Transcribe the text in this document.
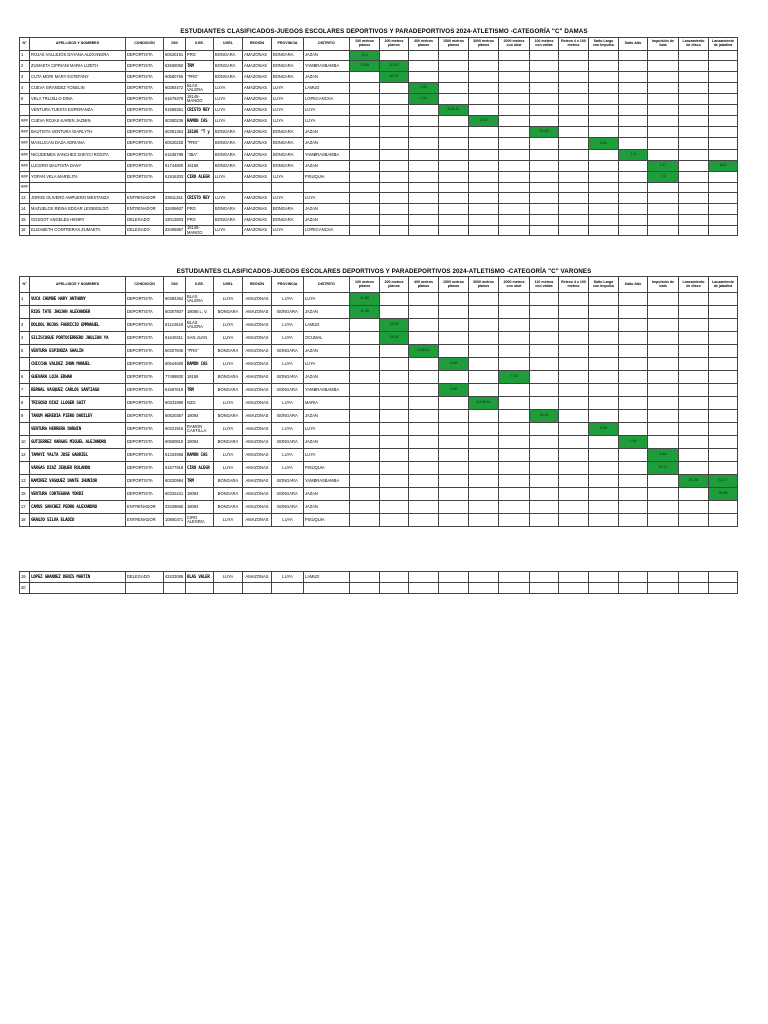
ESTUDIANTES CLASIFICADOS-JUEGOS ESCOLARES DEPORTIVOS Y PARADEPORTIVOS 2024-ATLETISMO -CATEGORÍA "C" DAMAS
N°	APELLIDOS Y NOMBRES	CONDICIÓN	DNI	II.EE.	UGEL	REGIÓN	PROVINCIA	DISTRITO	100 metros planos	200 metros planos	400 metros planos	1500 metros planos	3000 metros planos	2000 metros con obst	100 metros con vallas	Relevo 4 x 100 metros	Salto Largo con Impulso	Salto Alto	Impulsión de bala	Lanzamiento de disco	Lanzamiento de jabalina
1	ROJAS VALLEJOS DAYANA ALEXANDRA	DEPORTISTA	60620191	PRG	BONGARA	AMAZONAS	BONGARA	JAZAN	13.4												
2	ZUMAETA CIPRIANI MARIA LIZETH	DEPORTISTA	62508050	TRM	BONGARA	AMAZONAS	BONGARA	YAMBRASBAMBA	13.69	30.03											
3	CUTA MORI MARY ESTEFANY	DEPORTISTA	60680766	"PRG"	BONGARA	AMAZONAS	BONGARA	JAZAN		30.03											
4	CUEVA GRANDEZ YOSELIN	DEPORTISTA	60384472	BLAS VALERA	LUYA	AMAZONAS	LUYA	LAMUD			1.09										
5	VELA TRUJILLO DINA	DEPORTISTA	61675378	18145-MANGO	LUYA	AMAZONAS	LUYA	LOPECANCHA			1.12										
	VENTURA TUESTA ESPERANZA	DEPORTISTA	61588361	CRISTO REY	LUYA	AMAZONAS	LUYA	LUYA				6.01.31									
###	CUEVA ROJAS KAREN JAZMIN	DEPORTISTA	60380236	RAMON CAS	LUYA	AMAZONAS	LUYA	LUYA					12.67								
###	BAUTISTA VENTURA GIARLYTH	DEPORTISTA	60381354	18186 "T y	BONGARA	AMAZONAS	BONGARA	JAZAN							21.89						
###	MASLUCAN DAZA ADRIANA	DEPORTISTA	60620225	"PRG"	BONGARA	AMAZONAS	BONGARA	JAZAN									4.01				
###	NICUDEMES SANCHEZ SHEYCI ROSITA	DEPORTISTA	61638788	"JBA"	BONGARA	AMAZONAS	BONGARA	YAMBRASBAMBA										1.3			
###	LUCERO BAUTISTA DANY	DEPORTISTA	61744800	18186	BONGARA	AMAZONAS	BONGARA	JAZAN											7.47		18.5
###	YOPAN VELA MARELITA	DEPORTISTA	61916303	CIRO ALEGR	LUYA	AMAZONAS	LUYA	PISUQUIA											7.6		
###																					
13	JORGE OLIVERO AMPUERO MESTANZA	ENTRENADOR	33811251	CRISTO REY	LUYA	AMAZONAS	LUYA	LUYA													
14	MAZUELOS REINA EDGAR LEOBIGILDO	ENTRENADOR	33406607	PRG	BONGARA	AMAZONAS	BONGARA	JAZAN													
15	GOSGOT ANGELES HENRY	DELEGADO	43013803	PRG	BONGARA	AMAZONAS	BONGARA	JAZAN													
16	ELIZABETH CONTRERAS ZUMAETA	DELEGADO	33406957	18145-MANGO	LUYA	AMAZONAS	LUYA	LOPECANCHA													
ESTUDIANTES CLASIFICADOS-JUEGOS ESCOLARES DEPORTIVOS Y PARADEPORTIVOS 2024-ATLETISMO -CATEGORÍA "C" VARONES
N°	APELLIDOS Y NOMBRES	CONDICIÓN	DNI	II.EE.	UGEL	REGIÓN	PROVINCIA	DISTRITO	100 metros planos	200 metros planos	400 metros planos	1500 metros planos	3000 metros planos	2000 metros con obst	110 metros con vallas	Relevo 4 x 100 metros	Salto Largo con Impulso	Salto Alto	Impulsión de bala	Lanzamiento de disco	Lanzamiento de jabalina
1	VUCA CHUMBE HARY ANTHONY	DEPORTISTA	60384362	BLAS VALERA	LUYA	AMAZONAS	LUYA	LUYA	11.89												
	RIOS TATE JHOJAN ALEXANDER	DEPORTISTA	60307807	18065 L. V.	BONGARA	AMAZONAS	BONGARA	JAZAN	11.96												
3	DOLDOL ROJAS FABRICIO EMMANUEL	DEPORTISTA	61124619	BLAS VALERA	LUYA	AMAZONAS	LUYA	LAMUD		24.28											
4	SILISCOGUE PORTOCERRERO JHULIAN YA	DEPORTISTA	61640311	SAN JUAN	LUYA	AMAZONAS	LUYA	OCUMAL		24.53											
5	VENTURA ESPINOZA SHALIN	DEPORTISTA	60307845	"PRG"	BONGARA	AMAZONAS	BONGARA	JAZAN			0.55.11										
	CHICCHA VALDEZ JHON MANUEL	DEPORTISTA	60644650	RAMON CAS	LUYA	AMAZONAS	LUYA	LUYA				4.59									
6	GUEVARA LOJA EDWAR	DEPORTISTA	77498830	18186	BONGARA	AMAZONAS	BONGARA	JAZAN						7.16							
7	BERNAL VASQUEZ CARLOS SANTIAGO	DEPORTISTA	61597610	TRM	BONGARA	AMAZONAS	BONGARA	YAMBRASBAMBA				4.59									
8	TRIGOSO DIAZ LLOGER SAIT	DEPORTISTA	60331990	NZG	LUYA	AMAZONAS	LUYA	MARIA					10.08.51								
9	TARUM HEREDIA PIERO DADILEY	DEPORTISTA	60620357	18084	BONGARA	AMAZONAS	BONGARA	JAZAN							18.04						
	VENTURA HERRERA DARWIN	DEPORTISTA	60321916	RAMON CASTILLA	LUYA	AMAZONAS	LUYA	LUYA									5.95				
10	GUTIERREZ VARGAS MIGUEL ALEJANDRO	DEPORTISTA	60600810	18084	BONGARA	AMAZONAS	BONGARA	JAZAN										1.45			
12	TAMAYI YALTA JOSE GABRIEL	DEPORTISTA	61334966	RAMON CAS	LUYA	AMAZONAS	LUYA	LUYA											9.44		
	VARGAS DIAZ JEQUER ROLANDO	DEPORTISTA	61577918	CIRO ALEGR	LUYA	AMAZONAS	LUYA	PISUQUIA											10.11		
13	RAMIREZ VASQUEZ DANTE JHUNIOR	DEPORTISTA	60320994	TRM	BONGARA	AMAZONAS	BONGARA	YAMBRASBAMBA												31.08	31.17
15	VENTURA CORTEGANA YORDI	DEPORTISTA	60332421	18084	BONGARA	AMAZONAS	BONGARA	JAZAN													24.95
17	CAMUS SANCHEZ PEDRO ALEXANDRO	ENTRENADOR	33429665	18084	BONGARA	AMAZONAS	BONGARA	JAZAN													
18	GRAUJO SILVA ELADIO	ENTRENADOR	10860371	CIRO ALEGRIA	LUYA	AMAZONAS	LUYA	PISUQUIA													
19	LOPEZ GRANDEZ DENIS MARTIN	DELEGADO	43433089	BLAS VALER	LUYA	AMAZONAS	LUYA	LAMUD													
20																					
